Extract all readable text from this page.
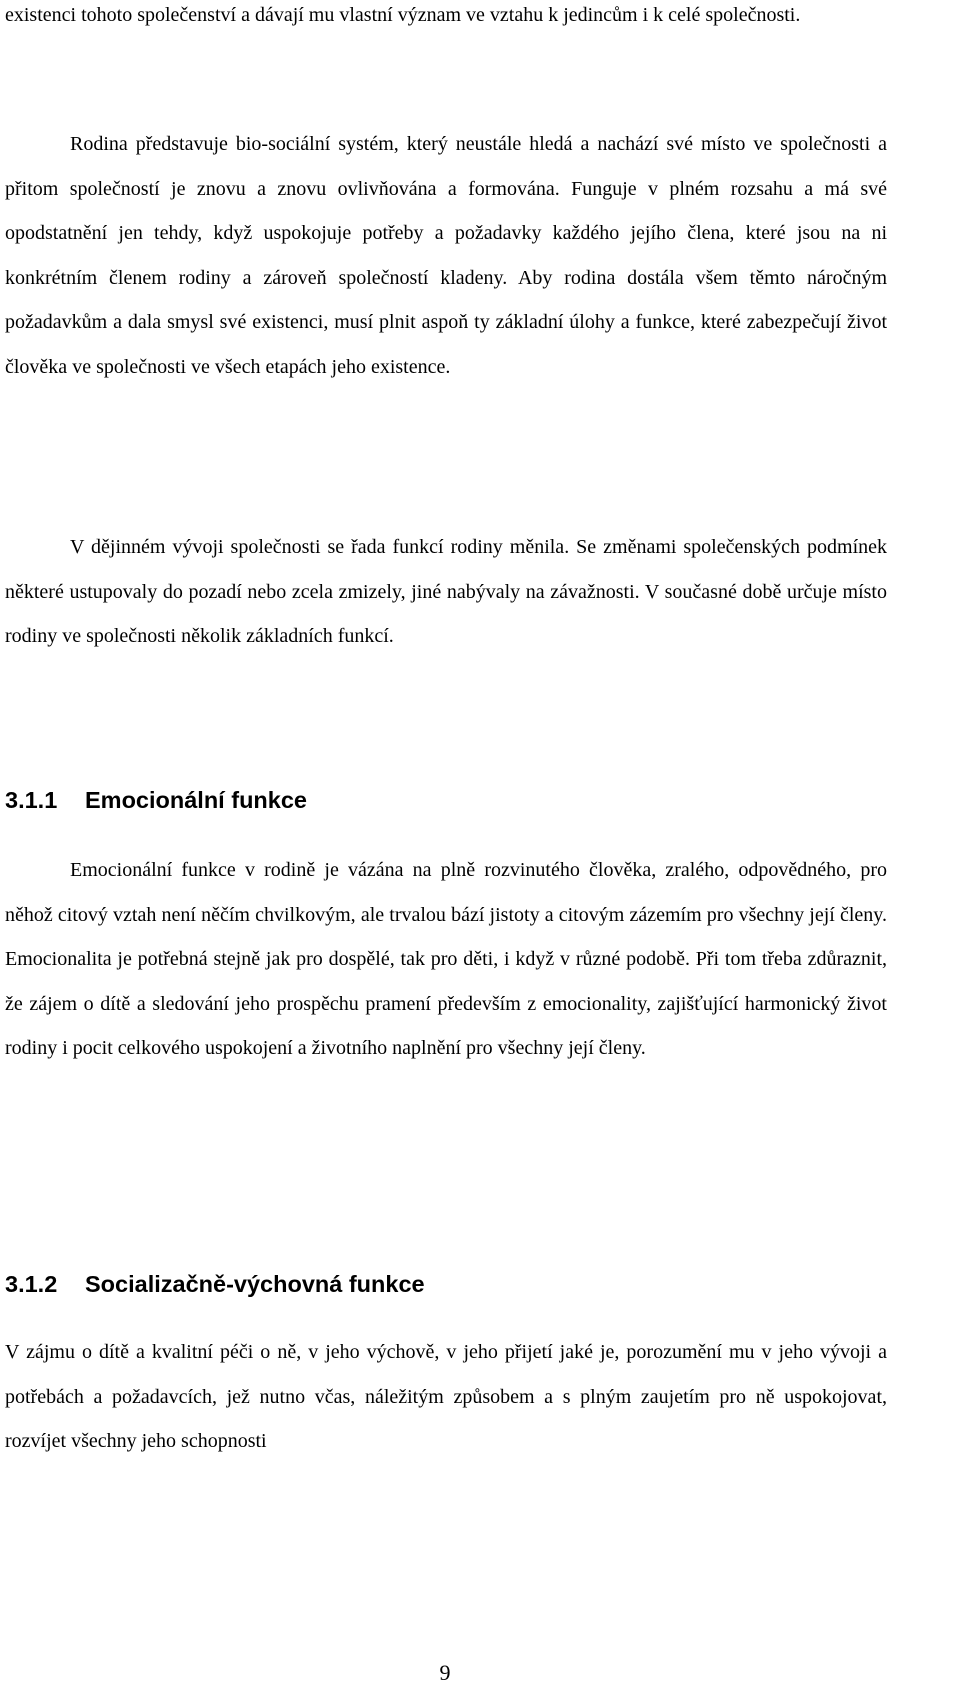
existenci tohoto společenství a dávají mu vlastní význam ve vztahu k jedincům i k celé společnosti.

Rodina představuje bio-sociální systém, který neustále hledá a nachází své místo ve společnosti a přitom společností je znovu a znovu ovlivňována a formována. Funguje v plném rozsahu a má své opodstatnění jen tehdy, když uspokojuje potřeby a požadavky každého jejího člena, které jsou na ni konkrétním členem rodiny a zároveň společností kladeny. Aby rodina dostála všem těmto náročným požadavkům a dala smysl své existenci, musí plnit aspoň ty základní úlohy a funkce, které zabezpečují život člověka ve společnosti ve všech etapách jeho existence.

V dějinném vývoji společnosti se řada funkcí rodiny měnila. Se změnami společenských podmínek některé ustupovaly do pozadí nebo zcela zmizely, jiné nabývaly na závažnosti. V současné době určuje místo rodiny ve společnosti několik základních funkcí.

3.1.1 Emocionální funkce

Emocionální funkce v rodině je vázána na plně rozvinutého člověka, zralého, odpovědného, pro něhož citový vztah není něčím chvilkovým, ale trvalou bází jistoty a citovým zázemím pro všechny její členy. Emocionalita je potřebná stejně jak pro dospělé, tak pro děti, i když v různé podobě. Při tom třeba zdůraznit, že zájem o dítě a sledování jeho prospěchu pramení především z emocionality, zajišťující harmonický život rodiny i pocit celkového uspokojení a životního naplnění pro všechny její členy.

3.1.2 Socializačně-výchovná funkce

V zájmu o dítě a kvalitní péči o ně, v jeho výchově, v jeho přijetí jaké je, porozumění mu v jeho vývoji a potřebách a požadavcích, jež nutno včas, náležitým způsobem a s plným zaujetím pro ně uspokojovat, rozvíjet všechny jeho schopnosti

9
